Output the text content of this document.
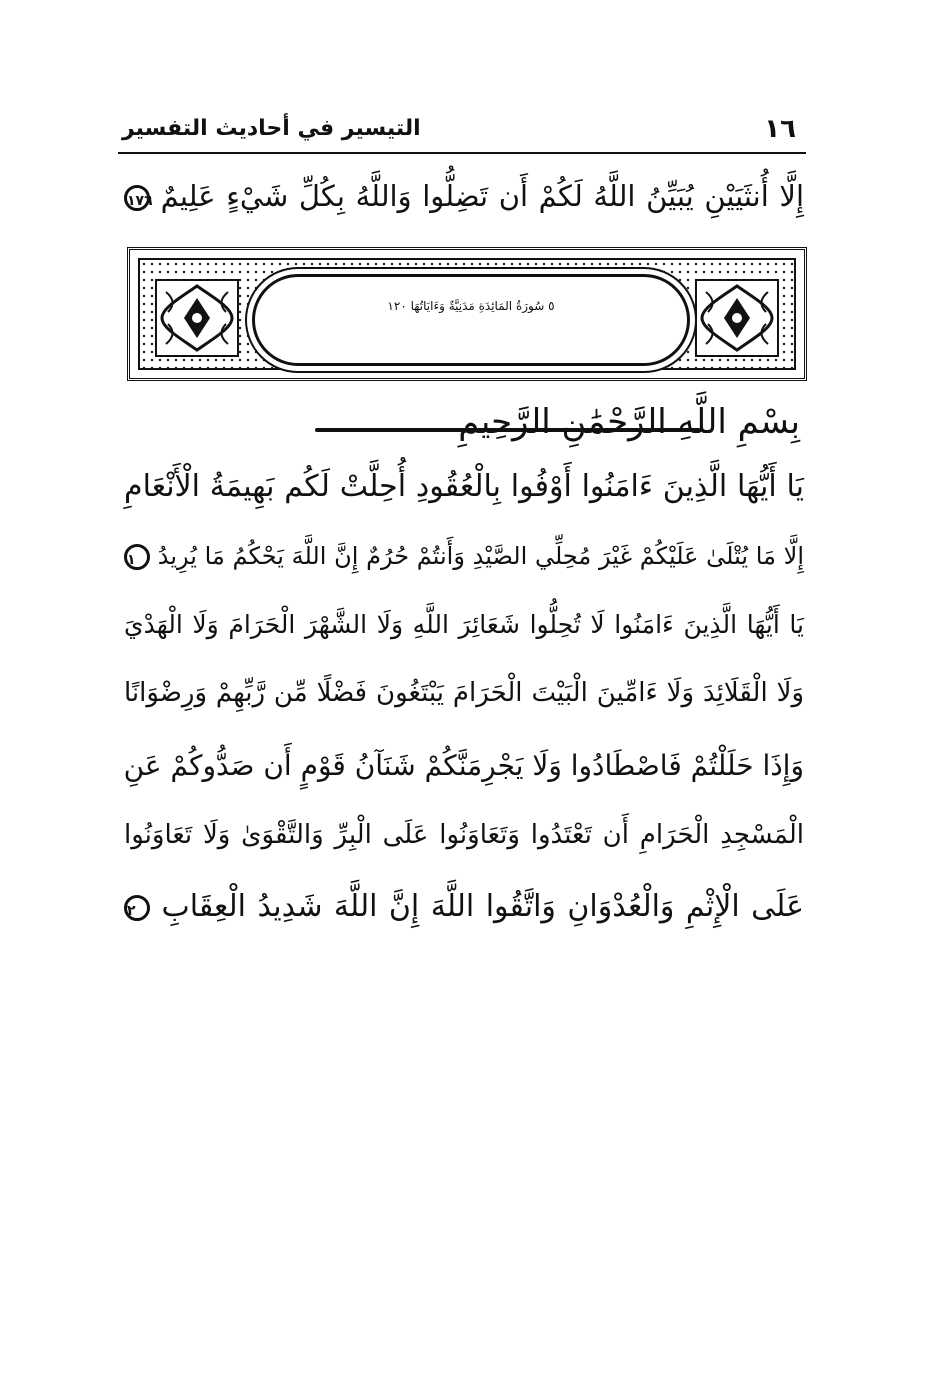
التيسير في أحاديث التفسير	١٦
إِلَّا أُنثَيَيْنِ يُبَيِّنُ اللَّهُ لَكُمْ أَن تَضِلُّوا وَاللَّهُ بِكُلِّ شَيْءٍ عَلِيمٌ ١٧٦
٥ سُورَةُ المَائِدَةِ مَدَنِيَّةٌ وَءَايَاتُهَا ١٢٠
بِسْمِ اللَّهِ الرَّحْمَٰنِ الرَّحِيمِ
يَا أَيُّهَا الَّذِينَ ءَامَنُوا أَوْفُوا بِالْعُقُودِ أُحِلَّتْ لَكُم بَهِيمَةُ الْأَنْعَامِ
إِلَّا مَا يُتْلَىٰ عَلَيْكُمْ غَيْرَ مُحِلِّي الصَّيْدِ وَأَنتُمْ حُرُمٌ إِنَّ اللَّهَ يَحْكُمُ مَا يُرِيدُ ١
يَا أَيُّهَا الَّذِينَ ءَامَنُوا لَا تُحِلُّوا شَعَائِرَ اللَّهِ وَلَا الشَّهْرَ الْحَرَامَ وَلَا الْهَدْيَ
وَلَا الْقَلَائِدَ وَلَا ءَامِّينَ الْبَيْتَ الْحَرَامَ يَبْتَغُونَ فَضْلًا مِّن رَّبِّهِمْ وَرِضْوَانًا
وَإِذَا حَلَلْتُمْ فَاصْطَادُوا وَلَا يَجْرِمَنَّكُمْ شَنَآنُ قَوْمٍ أَن صَدُّوكُمْ عَنِ
الْمَسْجِدِ الْحَرَامِ أَن تَعْتَدُوا وَتَعَاوَنُوا عَلَى الْبِرِّ وَالتَّقْوَىٰ وَلَا تَعَاوَنُوا
عَلَى الْإِثْمِ وَالْعُدْوَانِ وَاتَّقُوا اللَّهَ إِنَّ اللَّهَ شَدِيدُ الْعِقَابِ ٢
